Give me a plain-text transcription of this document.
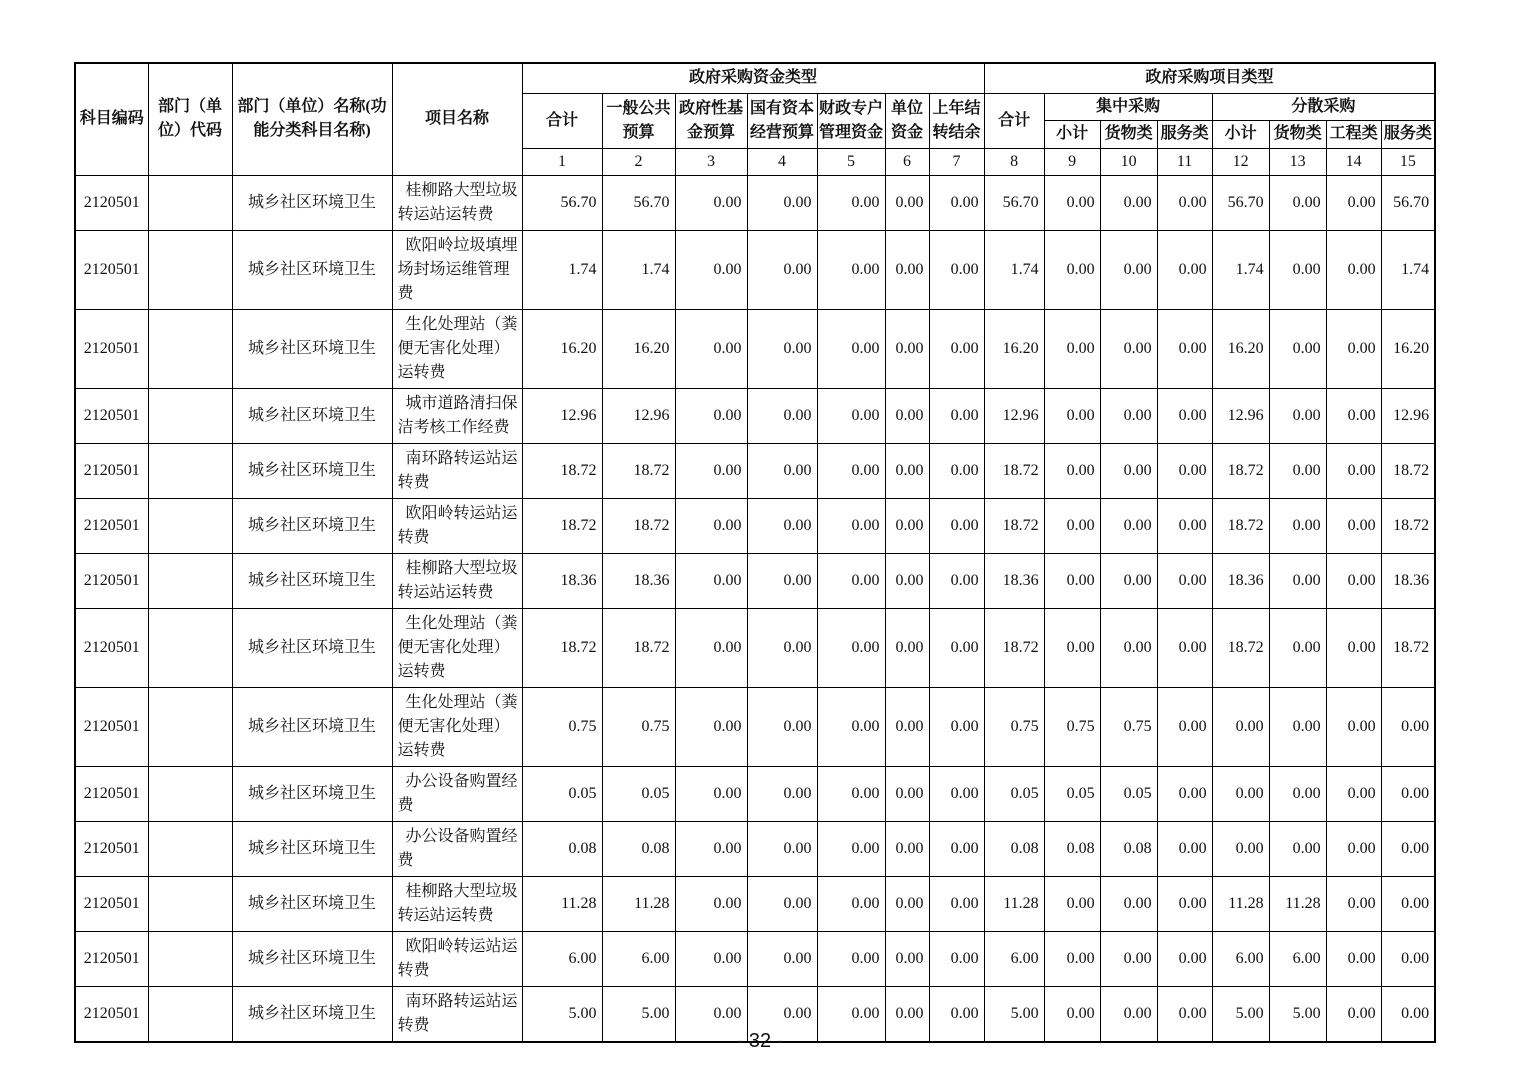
科目编码	部门（单位）代码	部门（单位）名称(功能分类科目名称)	项目名称	政府采购资金类型							政府采购项目类型							
				合计	一般公共预算	政府性基金预算	国有资本经营预算	财政专户管理资金	单位资金	上年结转结余	合计	集中采购			分散采购			
												小计	货物类	服务类	小计	货物类	工程类	服务类
				1	2	3	4	5	6	7	8	9	10	11	12	13	14	15
2120501		城乡社区环境卫生	桂柳路大型垃圾转运站运转费	56.70	56.70	0.00	0.00	0.00	0.00	0.00	56.70	0.00	0.00	0.00	56.70	0.00	0.00	56.70
2120501		城乡社区环境卫生	欧阳岭垃圾填埋场封场运维管理费	1.74	1.74	0.00	0.00	0.00	0.00	0.00	1.74	0.00	0.00	0.00	1.74	0.00	0.00	1.74
2120501		城乡社区环境卫生	生化处理站（粪便无害化处理）运转费	16.20	16.20	0.00	0.00	0.00	0.00	0.00	16.20	0.00	0.00	0.00	16.20	0.00	0.00	16.20
2120501		城乡社区环境卫生	城市道路清扫保洁考核工作经费	12.96	12.96	0.00	0.00	0.00	0.00	0.00	12.96	0.00	0.00	0.00	12.96	0.00	0.00	12.96
2120501		城乡社区环境卫生	南环路转运站运转费	18.72	18.72	0.00	0.00	0.00	0.00	0.00	18.72	0.00	0.00	0.00	18.72	0.00	0.00	18.72
2120501		城乡社区环境卫生	欧阳岭转运站运转费	18.72	18.72	0.00	0.00	0.00	0.00	0.00	18.72	0.00	0.00	0.00	18.72	0.00	0.00	18.72
2120501		城乡社区环境卫生	桂柳路大型垃圾转运站运转费	18.36	18.36	0.00	0.00	0.00	0.00	0.00	18.36	0.00	0.00	0.00	18.36	0.00	0.00	18.36
2120501		城乡社区环境卫生	生化处理站（粪便无害化处理）运转费	18.72	18.72	0.00	0.00	0.00	0.00	0.00	18.72	0.00	0.00	0.00	18.72	0.00	0.00	18.72
2120501		城乡社区环境卫生	生化处理站（粪便无害化处理）运转费	0.75	0.75	0.00	0.00	0.00	0.00	0.00	0.75	0.75	0.75	0.00	0.00	0.00	0.00	0.00
2120501		城乡社区环境卫生	办公设备购置经费	0.05	0.05	0.00	0.00	0.00	0.00	0.00	0.05	0.05	0.05	0.00	0.00	0.00	0.00	0.00
2120501		城乡社区环境卫生	办公设备购置经费	0.08	0.08	0.00	0.00	0.00	0.00	0.00	0.08	0.08	0.08	0.00	0.00	0.00	0.00	0.00
2120501		城乡社区环境卫生	桂柳路大型垃圾转运站运转费	11.28	11.28	0.00	0.00	0.00	0.00	0.00	11.28	0.00	0.00	0.00	11.28	11.28	0.00	0.00
2120501		城乡社区环境卫生	欧阳岭转运站运转费	6.00	6.00	0.00	0.00	0.00	0.00	0.00	6.00	0.00	0.00	0.00	6.00	6.00	0.00	0.00
2120501		城乡社区环境卫生	南环路转运站运转费	5.00	5.00	0.00	0.00	0.00	0.00	0.00	5.00	0.00	0.00	0.00	5.00	5.00	0.00	0.00
- 32 -
